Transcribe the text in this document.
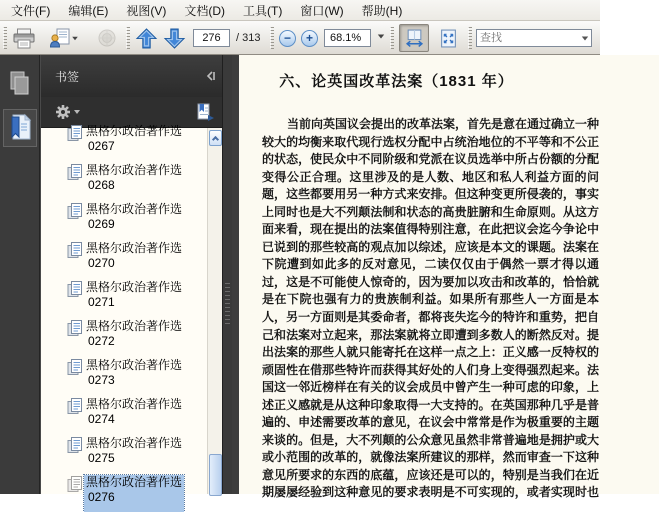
文件(F)	编辑(E)	视图(V)	文档(D)	工具(T)	窗口(W)	帮助(H)
276
/ 313	−	+
68.1%
查找
书签
黑格尔政治著作选
0267
黑格尔政治著作选
0268
黑格尔政治著作选
0269
黑格尔政治著作选
0270
黑格尔政治著作选
0271
黑格尔政治著作选
0272
黑格尔政治著作选
0273
黑格尔政治著作选
0274
黑格尔政治著作选
0275
黑格尔政治著作选
0276
六、论英国改革法案（1831 年）
当前向英国议会提出的改革法案，首先是意在通过确立一种
较大的均衡来取代现行选权分配中占统治地位的不平等和不公正
的状态，使民众中不同阶级和党派在议员选举中所占份额的分配
变得公正合理。这里涉及的是人数、地区和私人利益方面的问
题，这些都要用另一种方式来安排。但这种变更所侵袭的，事实
上同时也是大不列颠法制和状态的高贵脏腑和生命原则。从这方
面来看，现在提出的法案值得特别注意，在此把议会迄今争论中
已说到的那些较高的观点加以综述，应该是本文的课题。法案在
下院遭到如此多的反对意见，二读仅仅由于偶然一票才得以通
过，这是不可能使人惊奇的，因为要加以攻击和改革的，恰恰就
是在下院也强有力的贵族制利益。如果所有那些人一方面是本
人，另一方面则是其委命者，都将丧失迄今的特许和重势，把自
己和法案对立起来，那法案就将立即遭到多数人的断然反对。提
出法案的那些人就只能寄托在这样一点之上：正义感一反特权的
顽固性在借那些特许而获得其好处的人们身上变得强烈起来。法
国这一邻近榜样在有关的议会成员中曾产生一种可虑的印象，上
述正义感就是从这种印象取得一大支持的。在英国那种几乎是普
遍的、申述需要改革的意见，在议会中常常是作为极重要的主题
来谈的。但是，大不列颠的公众意见虽然非常普遍地是拥护或大
或小范围的改革的，就像法案所建议的那样，然而审查一下这种
意见所要求的东西的底蕴，应该还是可以的，特别是当我们在近
期屡屡经验到这种意见的要求表明是不可实现的，或者实现时也
